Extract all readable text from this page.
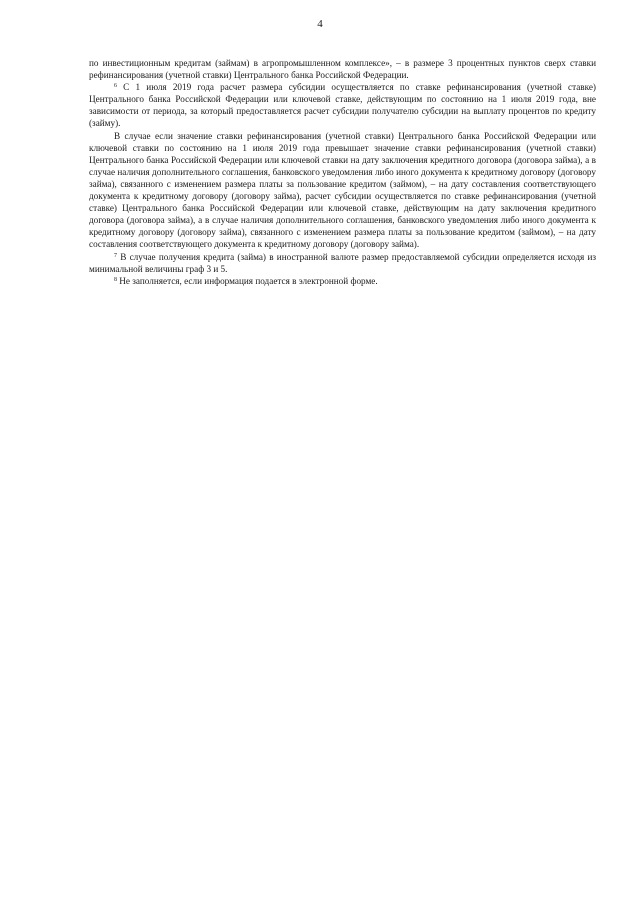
4

по инвестиционным кредитам (займам) в агропромышленном комплексе», – в размере 3 процентных пунктов сверх ставки рефинансирования (учетной ставки) Центрального банка Российской Федерации.

$^6$ С 1 июля 2019 года расчет размера субсидии осуществляется по ставке рефинансирования (учетной ставке) Центрального банка Российской Федерации или ключевой ставке, действующим по состоянию на 1 июля 2019 года, вне зависимости от периода, за который предоставляется расчет субсидии получателю субсидии на выплату процентов по кредиту (займу).

В случае если значение ставки рефинансирования (учетной ставки) Центрального банка Российской Федерации или ключевой ставки по состоянию на 1 июля 2019 года превышает значение ставки рефинансирования (учетной ставки) Центрального банка Российской Федерации или ключевой ставки на дату заключения кредитного договора (договора займа), а в случае наличия дополнительного соглашения, банковского уведомления либо иного документа к кредитному договору (договору займа), связанного с изменением размера платы за пользование кредитом (займом), – на дату составления соответствующего документа к кредитному договору (договору займа), расчет субсидии осуществляется по ставке рефинансирования (учетной ставке) Центрального банка Российской Федерации или ключевой ставке, действующим на дату заключения кредитного договора (договора займа), а в случае наличия дополнительного соглашения, банковского уведомления либо иного документа к кредитному договору (договору займа), связанного с изменением размера платы за пользование кредитом (займом), – на дату составления соответствующего документа к кредитному договору (договору займа).

$^7$ В случае получения кредита (займа) в иностранной валюте размер предоставляемой субсидии определяется исходя из минимальной величины граф 3 и 5.

$^8$ Не заполняется, если информация подается в электронной форме.
